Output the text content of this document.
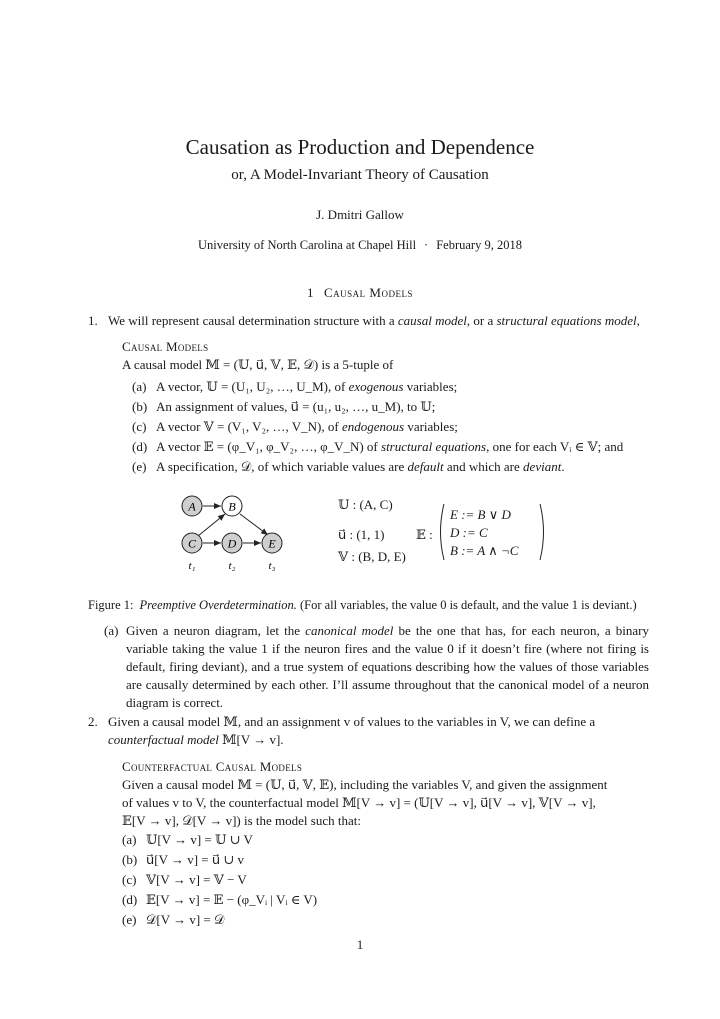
Causation as Production and Dependence
or, A Model-Invariant Theory of Causation
J. Dmitri Gallow
University of North Carolina at Chapel Hill · February 9, 2018
1 Causal Models
1. We will represent causal determination structure with a causal model, or a structural equations model,
Causal Models
A causal model 𝕄 = (𝕌, u⃗, 𝕍, 𝔼, 𝒟) is a 5-tuple of
(a) A vector, 𝕌 = (U₁, U₂, …, U_M), of exogenous variables;
(b) An assignment of values, u⃗ = (u₁, u₂, …, u_M), to 𝕌;
(c) A vector 𝕍 = (V₁, V₂, …, V_N), of endogenous variables;
(d) A vector 𝔼 = (φ_V₁, φ_V₂, …, φ_V_N) of structural equations, one for each Vᵢ ∈ 𝕍; and
(e) A specification, 𝒟, of which variable values are default and which are deviant.
A	B
C	D	E
t₁	t₂	t₃
𝕌 : (A, C)
u⃗ : (1, 1)
𝕍 : (B, D, E)
𝔼 :
E := B ∨ D
D := C
B := A ∧ ¬C
Figure 1: Preemptive Overdetermination. (For all variables, the value 0 is default, and the value 1 is deviant.)
(a) Given a neuron diagram, let the canonical model be the one that has, for each neuron, a binary variable taking the value 1 if the neuron fires and the value 0 if it doesn’t fire (where not firing is default, firing deviant), and a true system of equations describing how the values of those variables are causally determined by each other. I’ll assume throughout that the canonical model of a neuron diagram is correct.
2. Given a causal model 𝕄, and an assignment v of values to the variables in V, we can define a counterfactual model 𝕄[V → v].
Counterfactual Causal Models
Given a causal model 𝕄 = (𝕌, u⃗, 𝕍, 𝔼), including the variables V, and given the assignment
of values v to V, the counterfactual model 𝕄[V → v] = (𝕌[V → v], u⃗[V → v], 𝕍[V → v],
𝔼[V → v], 𝒟[V → v]) is the model such that:
(a) 𝕌[V → v] = 𝕌 ∪ V
(b) u⃗[V → v] = u⃗ ∪ v
(c) 𝕍[V → v] = 𝕍 − V
(d) 𝔼[V → v] = 𝔼 − (φ_Vᵢ | Vᵢ ∈ V)
(e) 𝒟[V → v] = 𝒟
1
